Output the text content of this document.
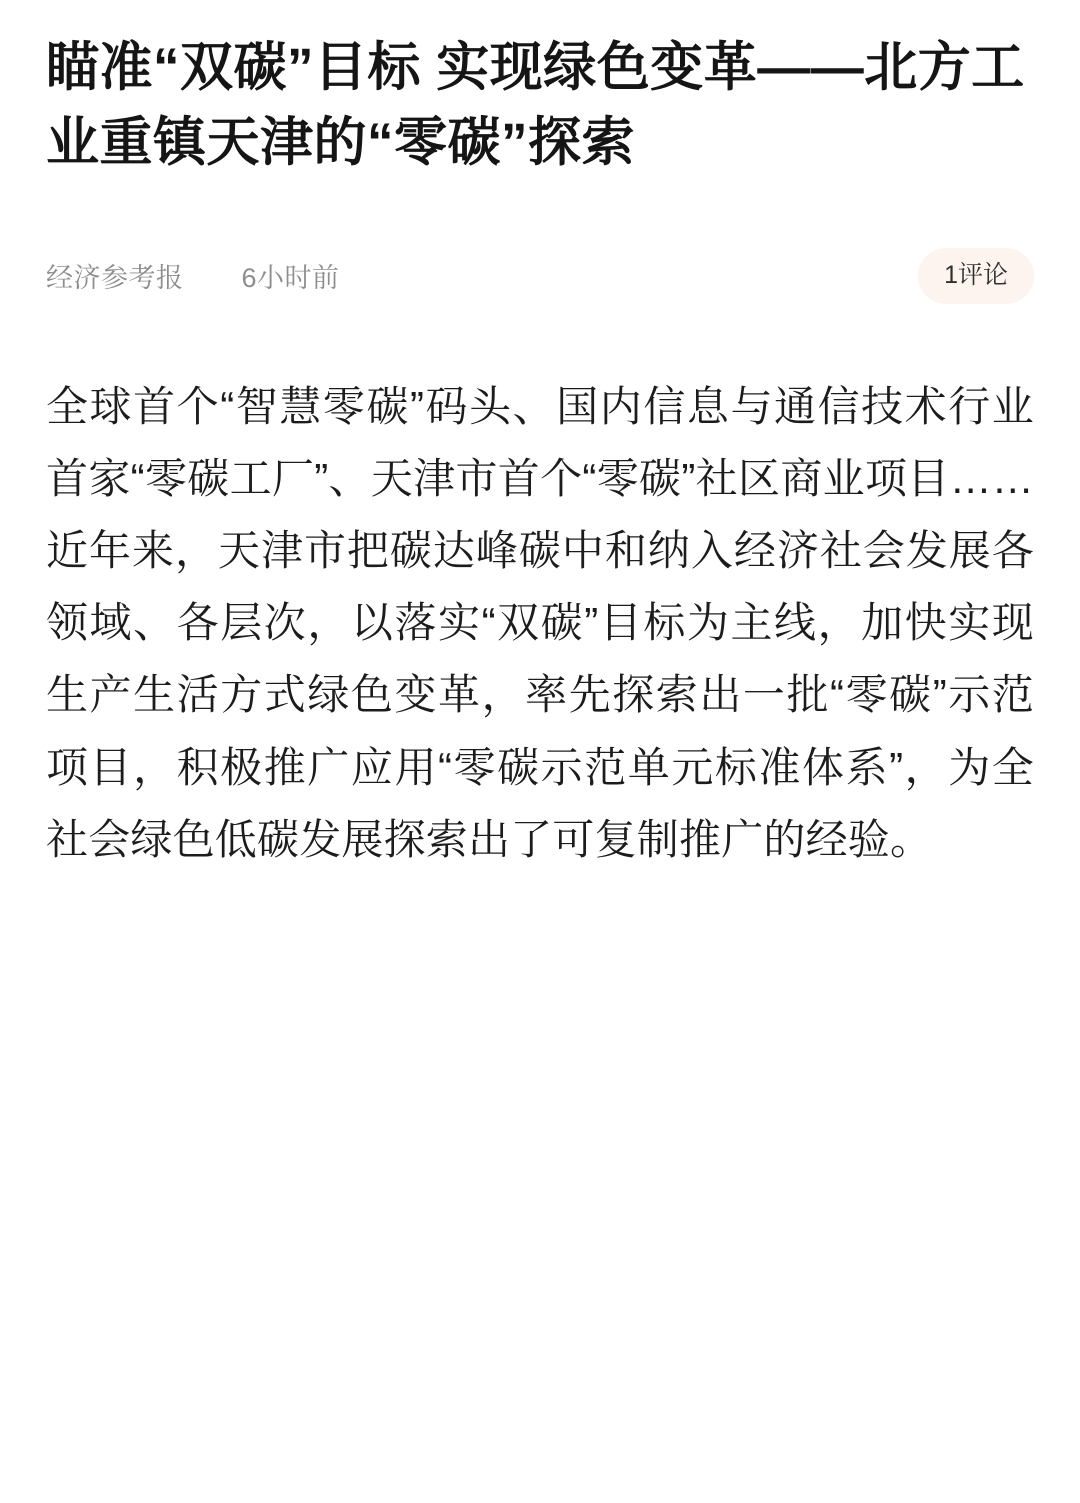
瞄准“双碳”目标 实现绿色变革——北方工业重镇天津的“零碳”探索
经济参考报 6小时前	1评论

全球首个“智慧零碳”码头、国内信息与通信技术行业首家“零碳工厂”、天津市首个“零碳”社区商业项目……近年来，天津市把碳达峰碳中和纳入经济社会发展各领域、各层次，以落实“双碳”目标为主线，加快实现生产生活方式绿色变革，率先探索出一批“零碳”示范项目，积极推广应用“零碳示范单元标准体系”，为全社会绿色低碳发展探索出了可复制推广的经验。
